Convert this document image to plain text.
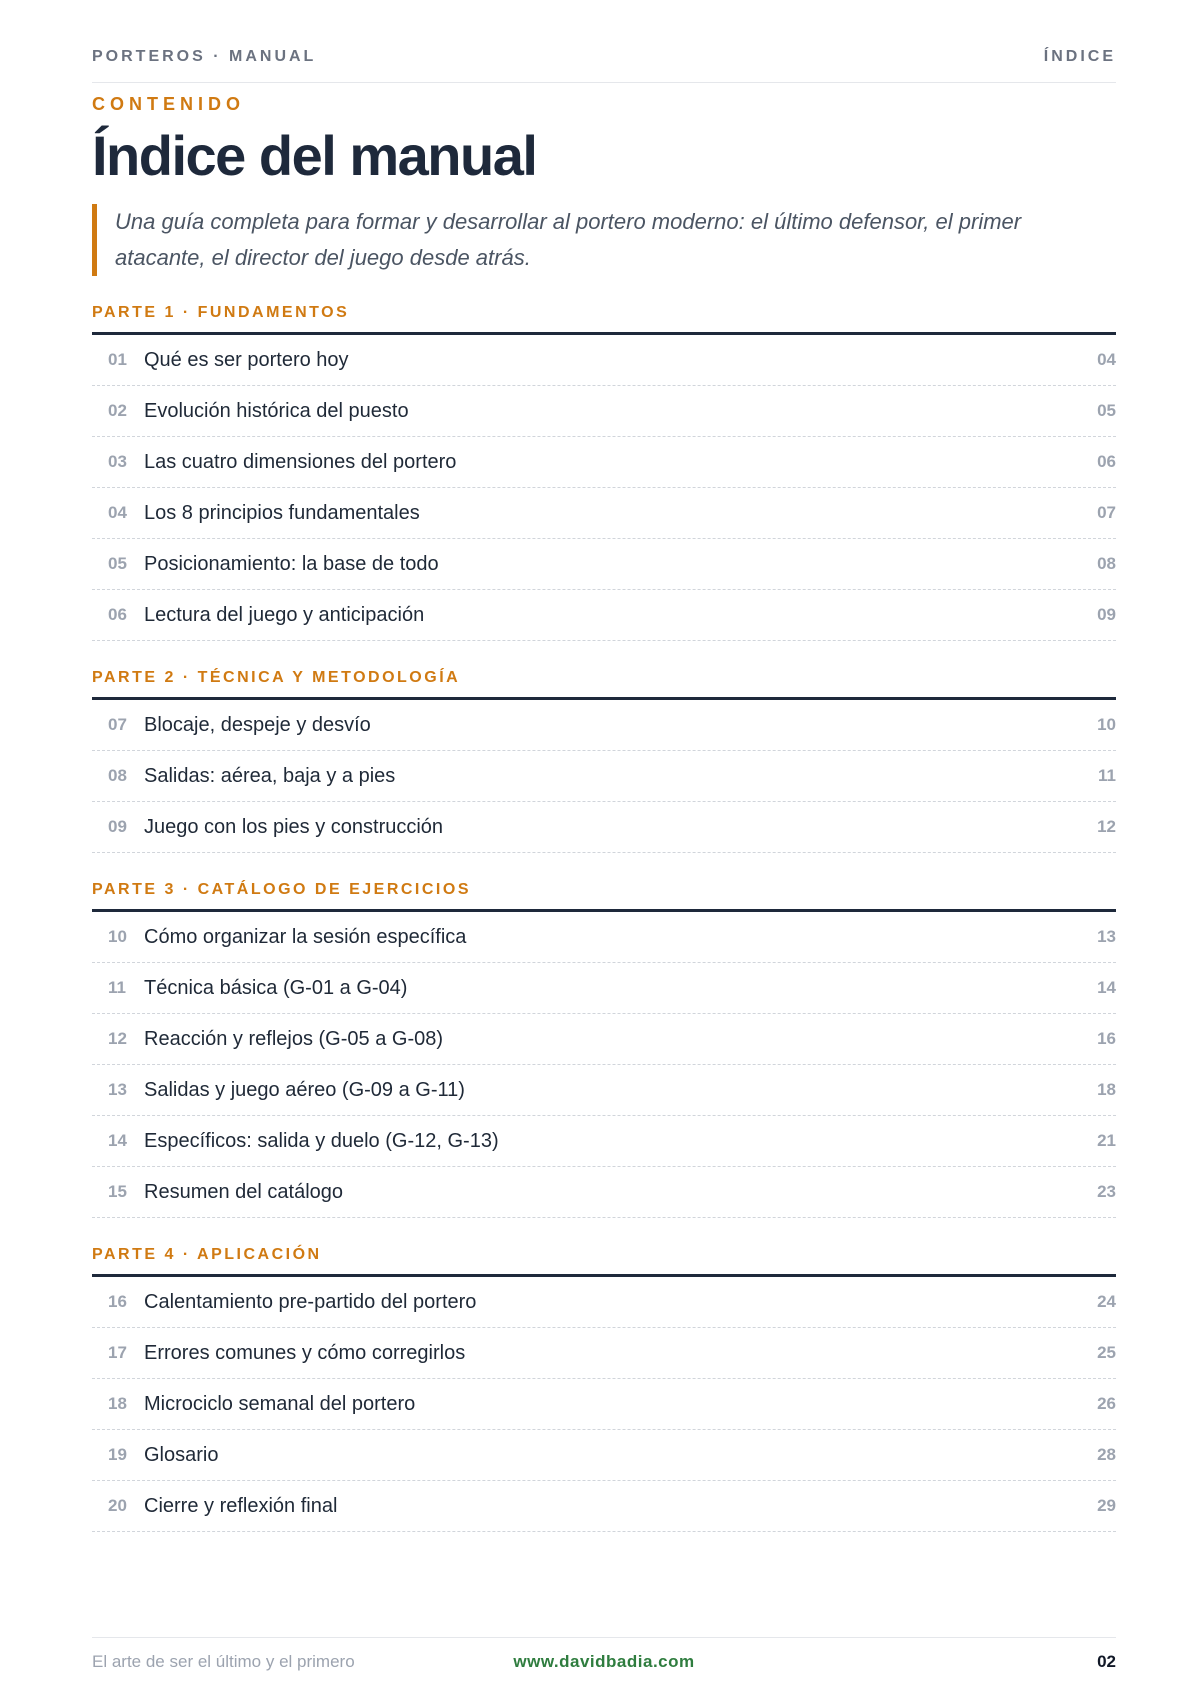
PORTEROS · MANUAL	ÍNDICE
CONTENIDO
Índice del manual
Una guía completa para formar y desarrollar al portero moderno: el último defensor, el primer atacante, el director del juego desde atrás.
PARTE 1 · FUNDAMENTOS
01 Qué es ser portero hoy	04
02 Evolución histórica del puesto	05
03 Las cuatro dimensiones del portero	06
04 Los 8 principios fundamentales	07
05 Posicionamiento: la base de todo	08
06 Lectura del juego y anticipación	09
PARTE 2 · TÉCNICA Y METODOLOGÍA
07 Blocaje, despeje y desvío	10
08 Salidas: aérea, baja y a pies	11
09 Juego con los pies y construcción	12
PARTE 3 · CATÁLOGO DE EJERCICIOS
10 Cómo organizar la sesión específica	13
11 Técnica básica (G-01 a G-04)	14
12 Reacción y reflejos (G-05 a G-08)	16
13 Salidas y juego aéreo (G-09 a G-11)	18
14 Específicos: salida y duelo (G-12, G-13)	21
15 Resumen del catálogo	23
PARTE 4 · APLICACIÓN
16 Calentamiento pre-partido del portero	24
17 Errores comunes y cómo corregirlos	25
18 Microciclo semanal del portero	26
19 Glosario	28
20 Cierre y reflexión final	29
El arte de ser el último y el primero	www.davidbadia.com	02
